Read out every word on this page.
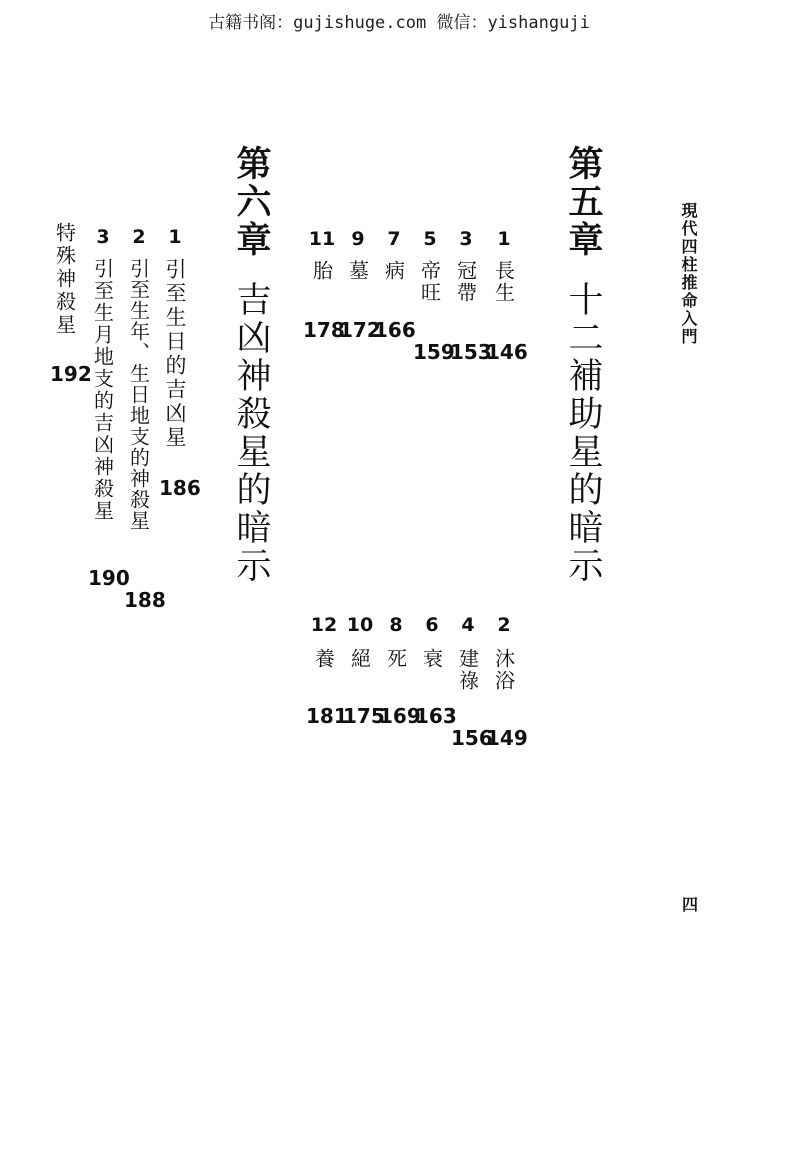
古籍书阁：gujishuge.com 微信：yishanguji
現代四柱推命入門
四
第五章十二補助星的暗示
第六章吉凶神殺星的暗示
1
長生
146
3
冠帶
153
5
帝旺
159
7
病
166
9
墓
172
11
胎
178
2
沐浴
149
4
建祿
156
6
衰
163
8
死
169
10
絕
175
12
養
181
1
引至生日的吉凶星
186
2
引至生年、生日地支的神殺星
188
3
引至生月地支的吉凶神殺星
190
特殊神殺星
192
